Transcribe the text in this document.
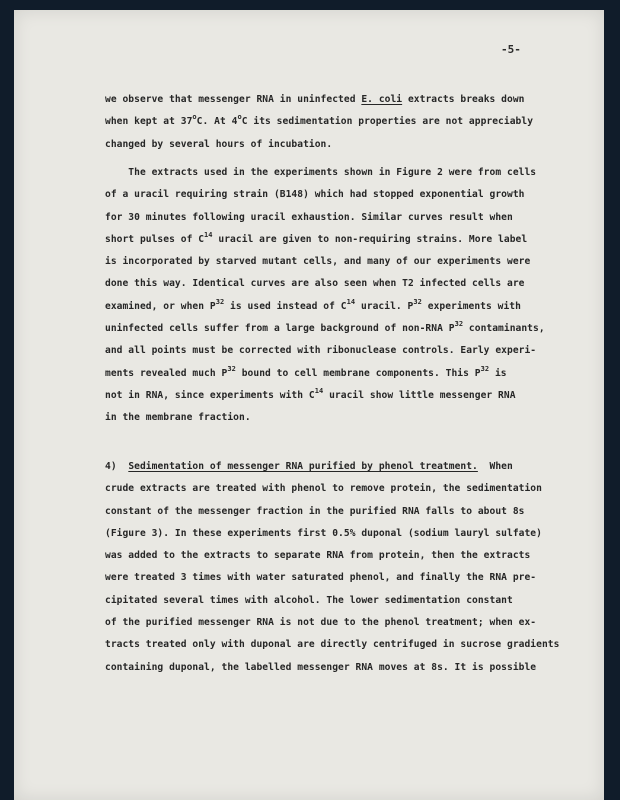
-5-

we observe that messenger RNA in uninfected E. coli extracts breaks down
when kept at 37$^o$C. At 4$^o$C its sedimentation properties are not appreciably
changed by several hours of incubation.

The extracts used in the experiments shown in Figure 2 were from cells
of a uracil requiring strain (B148) which had stopped exponential growth
for 30 minutes following uracil exhaustion. Similar curves result when
short pulses of $C^{14}$ uracil are given to non-requiring strains. More label
is incorporated by starved mutant cells, and many of our experiments were
done this way. Identical curves are also seen when T2 infected cells are
examined, or when $P^{32}$ is used instead of $C^{14}$ uracil. $P^{32}$ experiments with
uninfected cells suffer from a large background of non-RNA $P^{32}$ contaminants,
and all points must be corrected with ribonuclease controls. Early experi-
ments revealed much $P^{32}$ bound to cell membrane components. This $P^{32}$ is
not in RNA, since experiments with $C^{14}$ uracil show little messenger RNA
in the membrane fraction.

4)  Sedimentation of messenger RNA purified by phenol treatment.  When
crude extracts are treated with phenol to remove protein, the sedimentation
constant of the messenger fraction in the purified RNA falls to about 8s
(Figure 3). In these experiments first 0.5% duponal (sodium lauryl sulfate)
was added to the extracts to separate RNA from protein, then the extracts
were treated 3 times with water saturated phenol, and finally the RNA pre-
cipitated several times with alcohol. The lower sedimentation constant
of the purified messenger RNA is not due to the phenol treatment; when ex-
tracts treated only with duponal are directly centrifuged in sucrose gradients
containing duponal, the labelled messenger RNA moves at 8s. It is possible
